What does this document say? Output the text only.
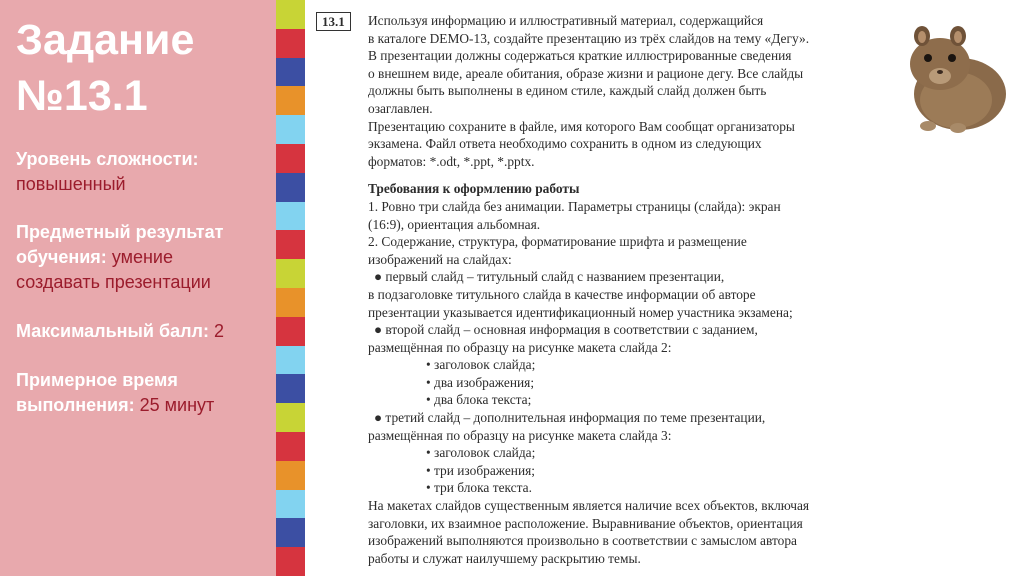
Задание
№13.1
Уровень сложности:
повышенный
Предметный результат
обучения: умение
создавать презентации
Максимальный балл: 2
Примерное время
выполнения: 25 минут
13.1	Используя информацию и иллюстративный материал, содержащийся

в каталоге DEMO-13, создайте презентацию из трёх слайдов на тему «Дегу».

В презентации должны содержаться краткие иллюстрированные сведения

о внешнем виде, ареале обитания, образе жизни и рационе дегу. Все слайды

должны быть выполнены в едином стиле, каждый слайд должен быть

озаглавлен.

Презентацию сохраните в файле, имя которого Вам сообщат организаторы

экзамена. Файл ответа необходимо сохранить в одном из следующих

форматов: *.odt, *.ppt, *.pptx.

Требования к оформлению работы

1. Ровно три слайда без анимации. Параметры страницы (слайда): экран

(16:9), ориентация альбомная.

2. Содержание, структура, форматирование шрифта и размещение

изображений на слайдах:

● первый слайд – титульный слайд с названием презентации,

в подзаголовке титульного слайда в качестве информации об авторе

презентации указывается идентификационный номер участника экзамена;

● второй слайд – основная информация в соответствии с заданием,

размещённая по образцу на рисунке макета слайда 2:

• заголовок слайда;

• два изображения;

• два блока текста;

● третий слайд – дополнительная информация по теме презентации,

размещённая по образцу на рисунке макета слайда 3:

• заголовок слайда;

• три изображения;

• три блока текста.

На макетах слайдов существенным является наличие всех объектов, включая

заголовки, их взаимное расположение. Выравнивание объектов, ориентация

изображений выполняются произвольно в соответствии с замыслом автора

работы и служат наилучшему раскрытию темы.
